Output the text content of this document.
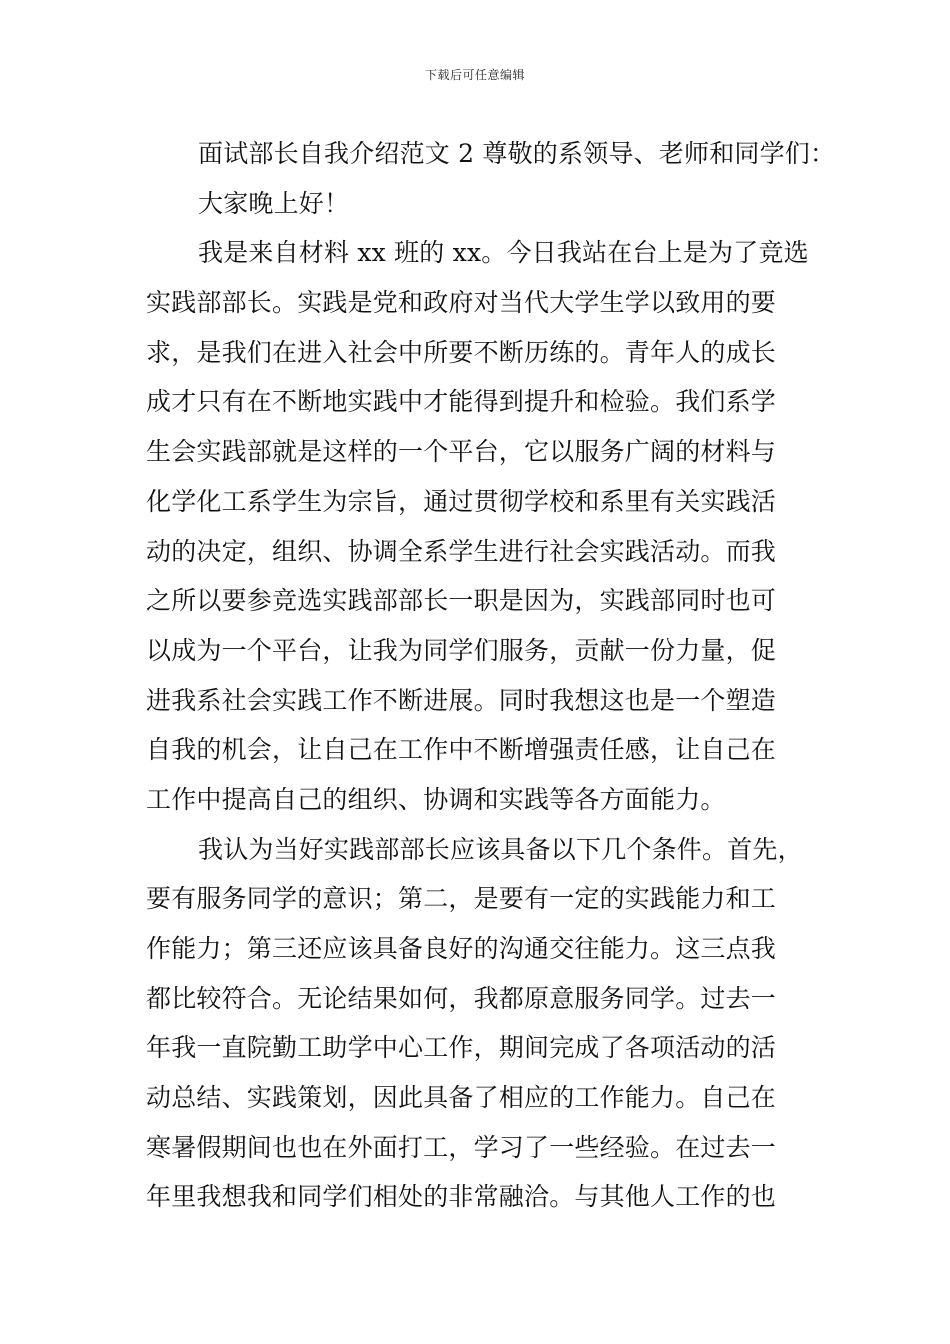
下载后可任意编辑
面试部长自我介绍范文 2 尊敬的系领导、老师和同学们：
大家晚上好！
我是来自材料 xx 班的 xx。今日我站在台上是为了竞选
实践部部长。实践是党和政府对当代大学生学以致用的要
求，是我们在进入社会中所要不断历练的。青年人的成长
成才只有在不断地实践中才能得到提升和检验。我们系学
生会实践部就是这样的一个平台，它以服务广阔的材料与
化学化工系学生为宗旨，通过贯彻学校和系里有关实践活
动的决定，组织、协调全系学生进行社会实践活动。而我
之所以要参竞选实践部部长一职是因为，实践部同时也可
以成为一个平台，让我为同学们服务，贡献一份力量，促
进我系社会实践工作不断进展。同时我想这也是一个塑造
自我的机会，让自己在工作中不断增强责任感，让自己在
工作中提高自己的组织、协调和实践等各方面能力。
我认为当好实践部部长应该具备以下几个条件。首先，
要有服务同学的意识；第二，是要有一定的实践能力和工
作能力；第三还应该具备良好的沟通交往能力。这三点我
都比较符合。无论结果如何，我都原意服务同学。过去一
年我一直院勤工助学中心工作，期间完成了各项活动的活
动总结、实践策划，因此具备了相应的工作能力。自己在
寒暑假期间也也在外面打工，学习了一些经验。在过去一
年里我想我和同学们相处的非常融洽。与其他人工作的也
